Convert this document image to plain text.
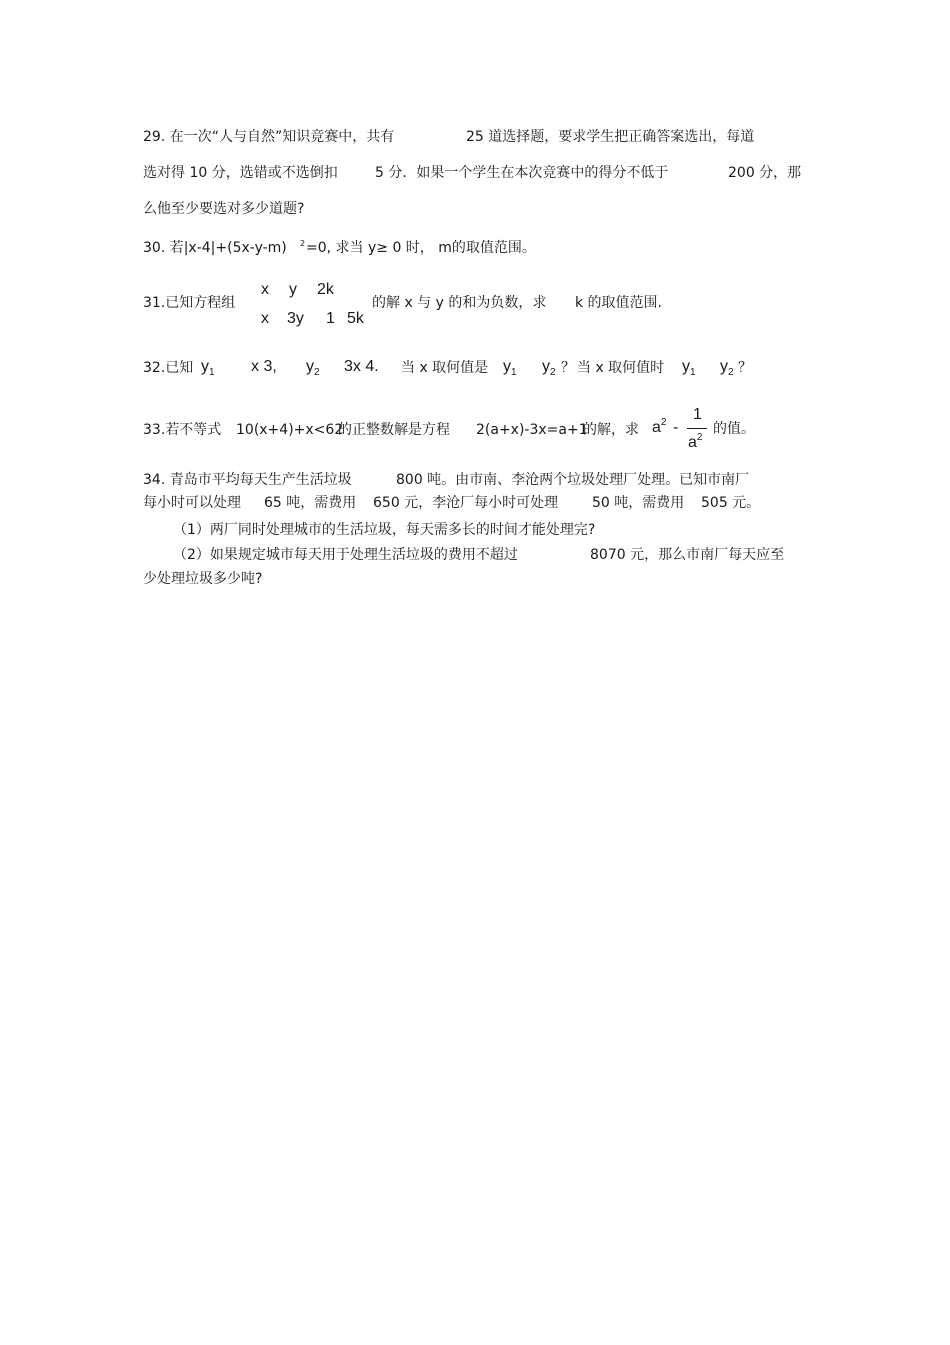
29. 在一次“人与自然”知识竞赛中，共有	25 道选择题，要求学生把正确答案选出，每道
选对得 10 分，选错或不选倒扣	5 分．如果一个学生在本次竞赛中的得分不低于	200 分，那
么他至少要选对多少道题?
30. 若|x-4|+(5x-y-m) 2 =0, 求当 y≥ 0 时， m的取值范围。
31.已知方程组
x y 2k
x 3y 1 5k
的解 x 与 y 的和为负数，求 k 的取值范围.
32.已知 $y_1$ x 3, $y_2$ 3x 4. 当 x 取何值是 $y_1$ $y_2$ ？ 当 x 取何值时 $y_1$ $y_2$ ？
33.若不等式 10(x+4)+x<62
的正整数解是方程 2(a+x)-3x=a+1
的解，求 $a^2$ -
1
$a^2$
的值。
34. 青岛市平均每天生产生活垃圾	800 吨。由市南、李沧两个垃圾处理厂处理。已知市南厂
每小时可以处理 65 吨，需费用 650 元，李沧厂每小时可处理 50 吨，需费用 505 元。
（1）两厂同时处理城市的生活垃圾，每天需多长的时间才能处理完?
（2）如果规定城市每天用于处理生活垃圾的费用不超过	8070 元，那么市南厂每天应至
少处理垃圾多少吨?
